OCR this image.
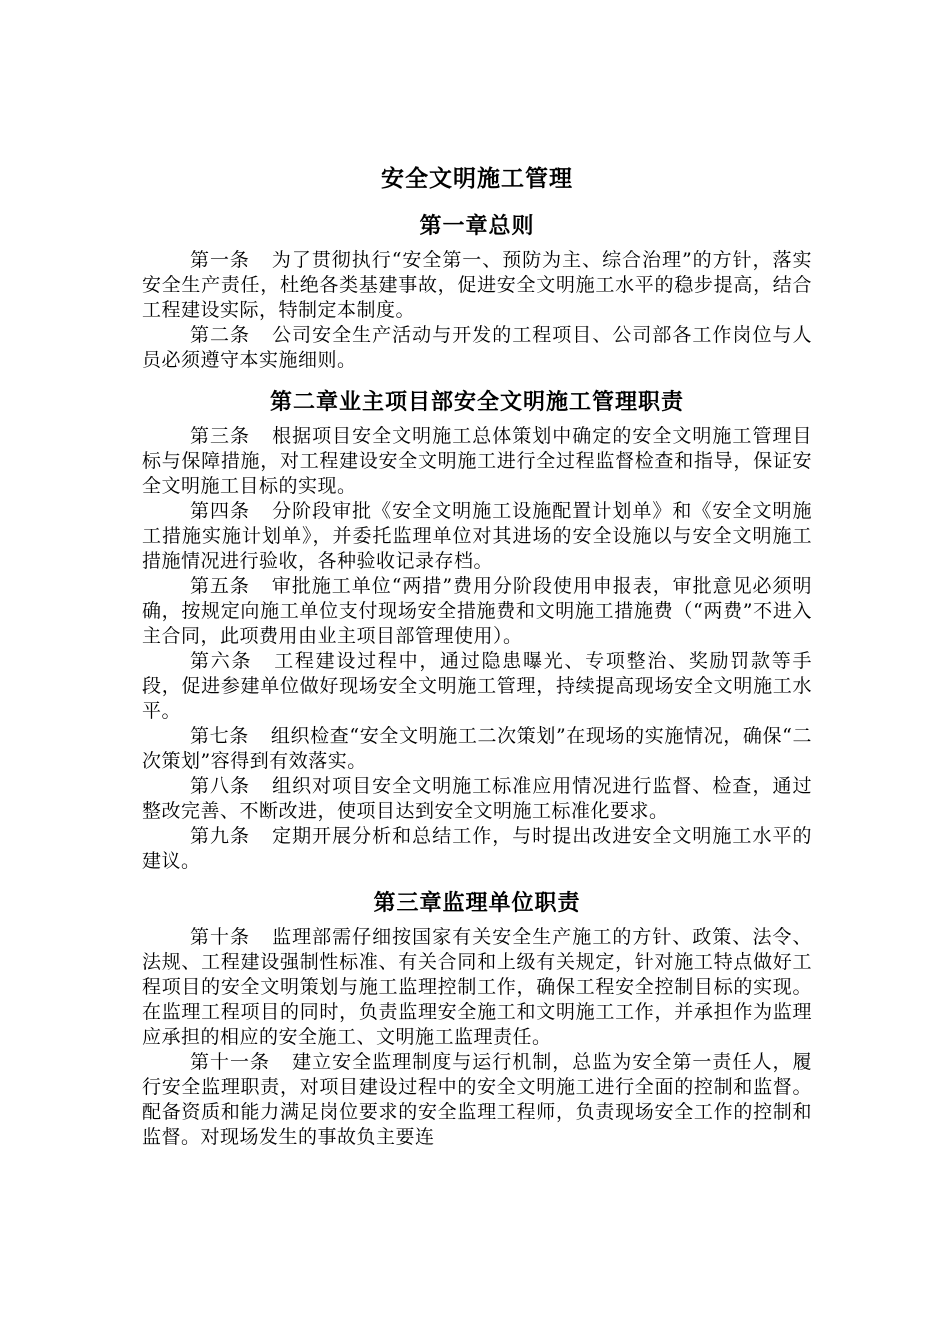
安全文明施工管理
第一章总则

第一条 为了贯彻执行“安全第一、预防为主、综合治理”的方针，落实安全生产责任，杜绝各类基建事故，促进安全文明施工水平的稳步提高，结合工程建设实际，特制定本制度。

第二条 公司安全生产活动与开发的工程项目、公司部各工作岗位与人员必须遵守本实施细则。

第二章业主项目部安全文明施工管理职责

第三条 根据项目安全文明施工总体策划中确定的安全文明施工管理目标与保障措施，对工程建设安全文明施工进行全过程监督检查和指导，保证安全文明施工目标的实现。

第四条 分阶段审批《安全文明施工设施配置计划单》和《安全文明施工措施实施计划单》，并委托监理单位对其进场的安全设施以与安全文明施工措施情况进行验收，各种验收记录存档。

第五条 审批施工单位“两措”费用分阶段使用申报表，审批意见必须明确，按规定向施工单位支付现场安全措施费和文明施工措施费（“两费”不进入主合同，此项费用由业主项目部管理使用）。

第六条 工程建设过程中，通过隐患曝光、专项整治、奖励罚款等手段，促进参建单位做好现场安全文明施工管理，持续提高现场安全文明施工水平。

第七条 组织检查“安全文明施工二次策划”在现场的实施情况，确保“二次策划”容得到有效落实。

第八条 组织对项目安全文明施工标准应用情况进行监督、检查，通过整改完善、不断改进，使项目达到安全文明施工标准化要求。

第九条 定期开展分析和总结工作，与时提出改进安全文明施工水平的建议。

第三章监理单位职责

第十条 监理部需仔细按国家有关安全生产施工的方针、政策、法令、法规、工程建设强制性标准、有关合同和上级有关规定，针对施工特点做好工程项目的安全文明策划与施工监理控制工作，确保工程安全控制目标的实现。在监理工程项目的同时，负责监理安全施工和文明施工工作，并承担作为监理应承担的相应的安全施工、文明施工监理责任。

第十一条 建立安全监理制度与运行机制，总监为安全第一责任人，履行安全监理职责，对项目建设过程中的安全文明施工进行全面的控制和监督。配备资质和能力满足岗位要求的安全监理工程师，负责现场安全工作的控制和监督。对现场发生的事故负主要连
